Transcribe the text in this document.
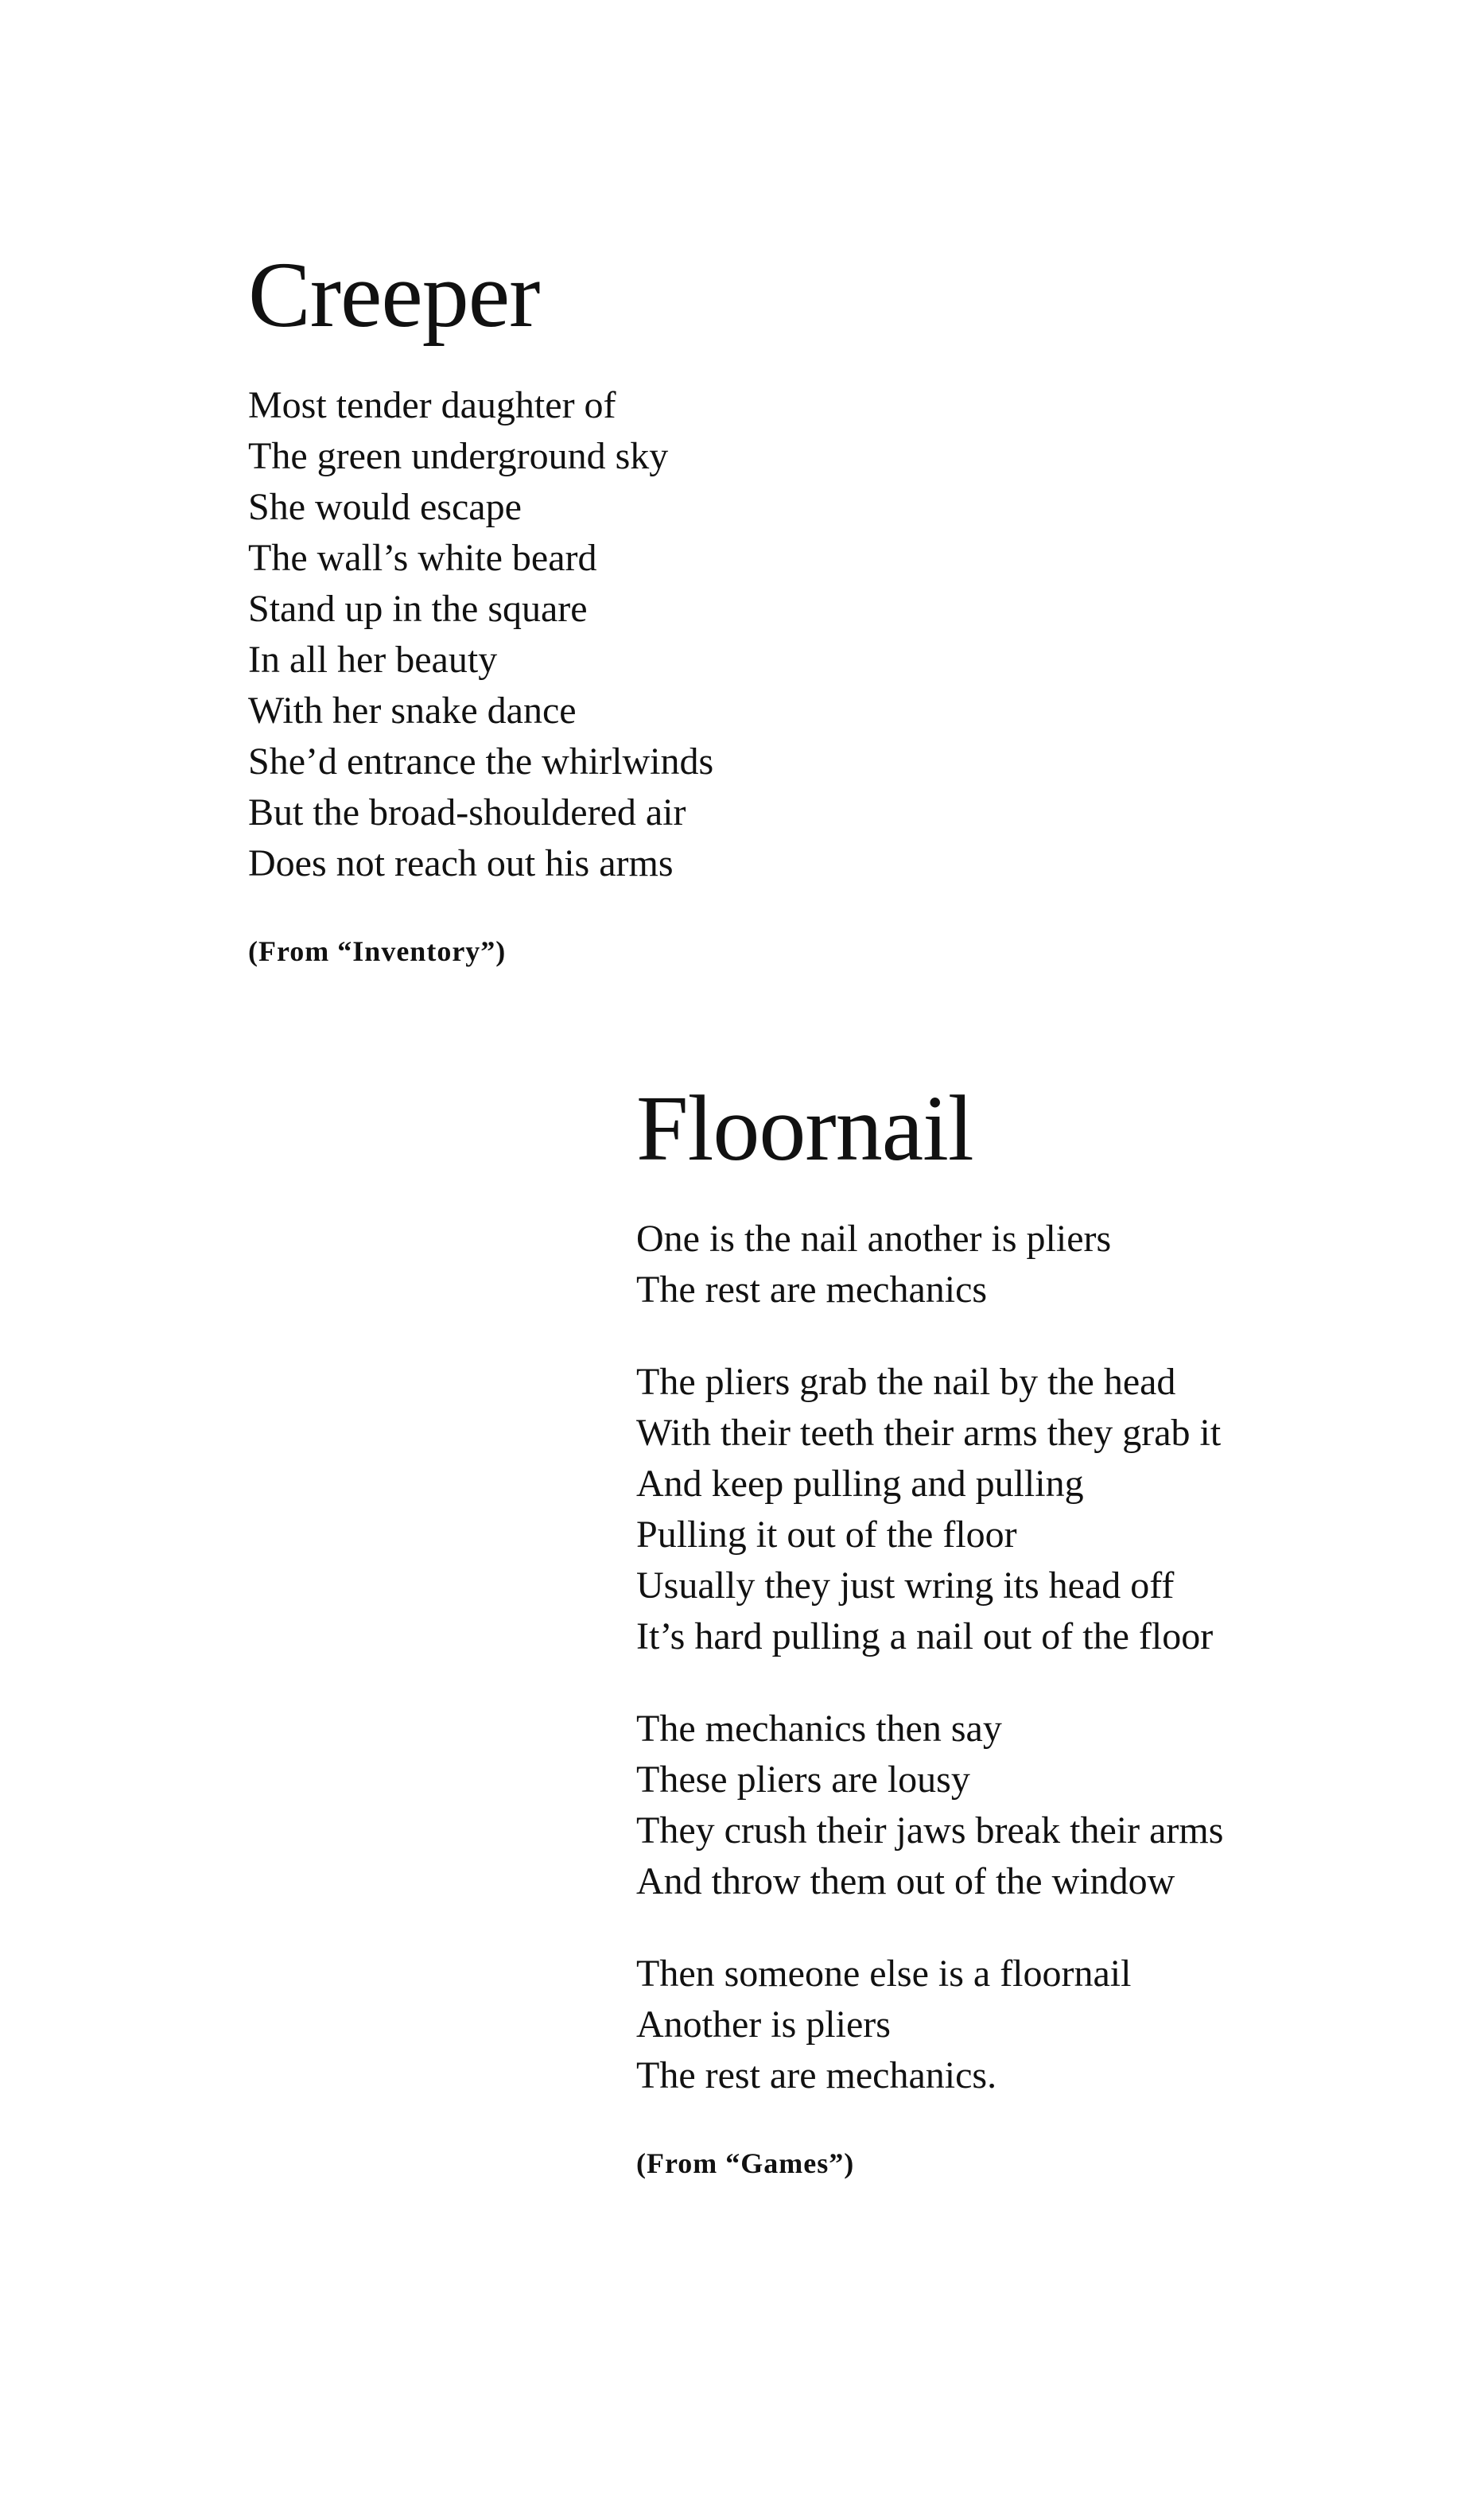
Creeper
Most tender daughter of
The green underground sky
She would escape
The wall’s white beard
Stand up in the square
In all her beauty
With her snake dance
She’d entrance the whirlwinds
But the broad-shouldered air
Does not reach out his arms
(From “Inventory”)
Floornail
One is the nail another is pliers
The rest are mechanics
The pliers grab the nail by the head
With their teeth their arms they grab it
And keep pulling and pulling
Pulling it out of the floor
Usually they just wring its head off
It’s hard pulling a nail out of the floor
The mechanics then say
These pliers are lousy
They crush their jaws break their arms
And throw them out of the window
Then someone else is a floornail
Another is pliers
The rest are mechanics.
(From “Games”)
